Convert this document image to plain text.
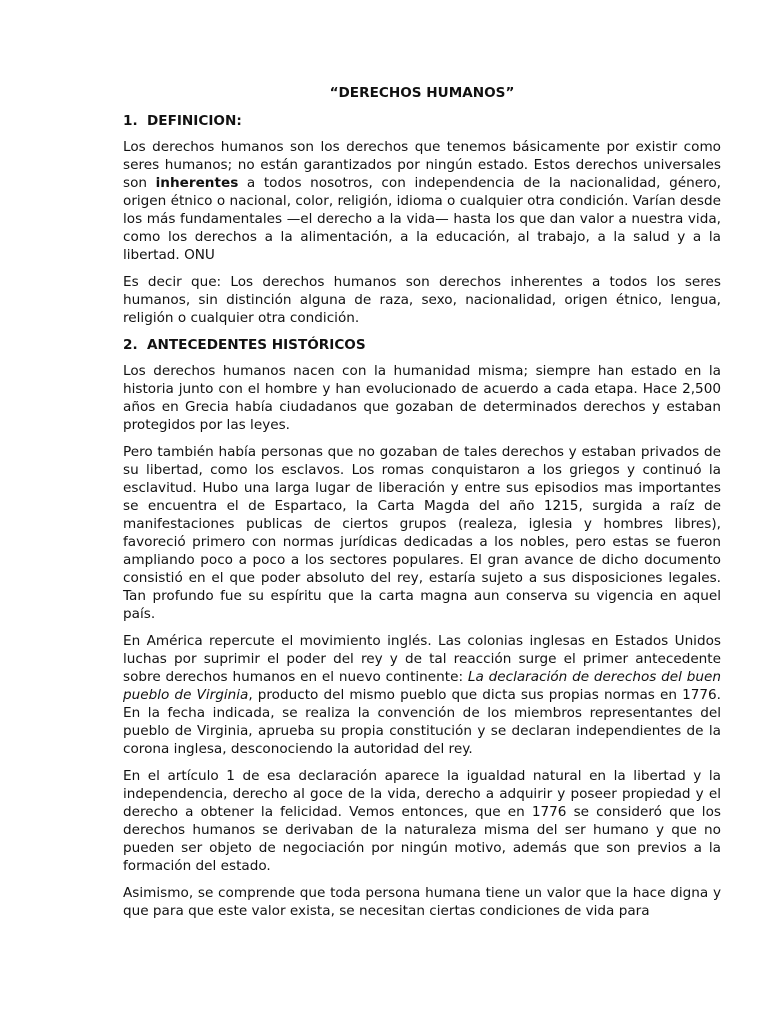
“DERECHOS HUMANOS”
1. DEFINICION:
Los derechos humanos son los derechos que tenemos básicamente por existir como seres humanos; no están garantizados por ningún estado. Estos derechos universales son inherentes a todos nosotros, con independencia de la nacionalidad, género, origen étnico o nacional, color, religión, idioma o cualquier otra condición. Varían desde los más fundamentales —el derecho a la vida— hasta los que dan valor a nuestra vida, como los derechos a la alimentación, a la educación, al trabajo, a la salud y a la libertad. ONU
Es decir que: Los derechos humanos son derechos inherentes a todos los seres humanos, sin distinción alguna de raza, sexo, nacionalidad, origen étnico, lengua, religión o cualquier otra condición.
2. ANTECEDENTES HISTÓRICOS
Los derechos humanos nacen con la humanidad misma; siempre han estado en la historia junto con el hombre y han evolucionado de acuerdo a cada etapa. Hace 2,500 años en Grecia había ciudadanos que gozaban de determinados derechos y estaban protegidos por las leyes.
Pero también había personas que no gozaban de tales derechos y estaban privados de su libertad, como los esclavos. Los romas conquistaron a los griegos y continuó la esclavitud. Hubo una larga lugar de liberación y entre sus episodios mas importantes se encuentra el de Espartaco, la Carta Magda del año 1215, surgida a raíz de manifestaciones publicas de ciertos grupos (realeza, iglesia y hombres libres), favoreció primero con normas jurídicas dedicadas a los nobles, pero estas se fueron ampliando poco a poco a los sectores populares. El gran avance de dicho documento consistió en el que poder absoluto del rey, estaría sujeto a sus disposiciones legales. Tan profundo fue su espíritu que la carta magna aun conserva su vigencia en aquel país.
En América repercute el movimiento inglés. Las colonias inglesas en Estados Unidos luchas por suprimir el poder del rey y de tal reacción surge el primer antecedente sobre derechos humanos en el nuevo continente: La declaración de derechos del buen pueblo de Virginia, producto del mismo pueblo que dicta sus propias normas en 1776. En la fecha indicada, se realiza la convención de los miembros representantes del pueblo de Virginia, aprueba su propia constitución y se declaran independientes de la corona inglesa, desconociendo la autoridad del rey.
En el artículo 1 de esa declaración aparece la igualdad natural en la libertad y la independencia, derecho al goce de la vida, derecho a adquirir y poseer propiedad y el derecho a obtener la felicidad. Vemos entonces, que en 1776 se consideró que los derechos humanos se derivaban de la naturaleza misma del ser humano y que no pueden ser objeto de negociación por ningún motivo, además que son previos a la formación del estado.
Asimismo, se comprende que toda persona humana tiene un valor que la hace digna y que para que este valor exista, se necesitan ciertas condiciones de vida para
